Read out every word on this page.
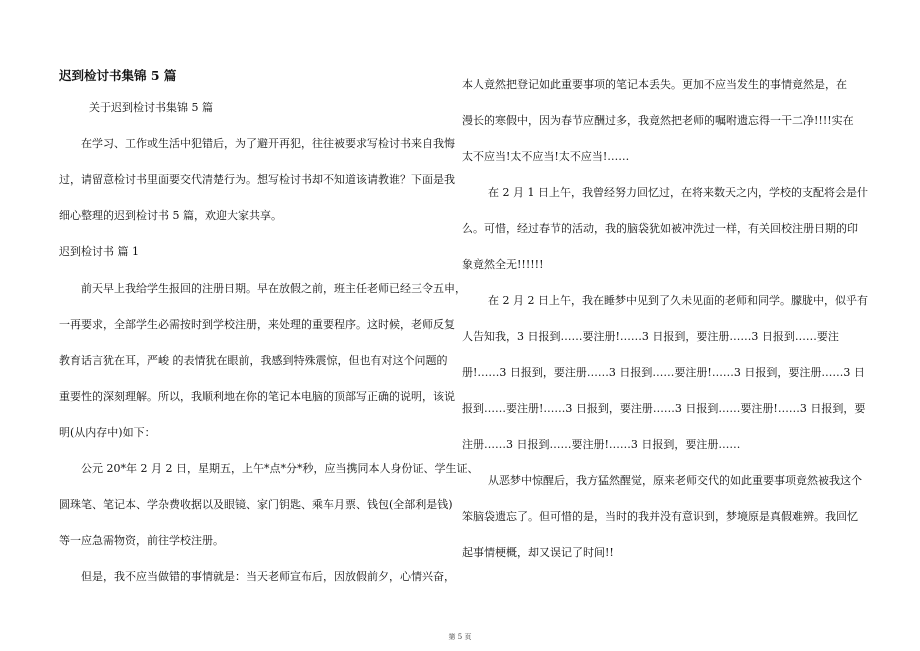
迟到检讨书集锦 5 篇
关于迟到检讨书集锦 5 篇
在学习、工作或生活中犯错后，为了避开再犯，往往被要求写检讨书来自我悔
过，请留意检讨书里面要交代清楚行为。想写检讨书却不知道该请教谁？下面是我
细心整理的迟到检讨书 5 篇，欢迎大家共享。
迟到检讨书 篇 1
前天早上我给学生报回的注册日期。早在放假之前，班主任老师已经三令五申，
一再要求，全部学生必需按时到学校注册，来处理的重要程序。这时候，老师反复
教育话言犹在耳，严峻 的表情犹在眼前，我感到特殊震惊，但也有对这个问题的
重要性的深刻理解。所以，我顺利地在你的笔记本电脑的顶部写正确的说明，该说
明(从内存中)如下：
公元 20*年 2 月 2 日，星期五，上午*点*分*秒，应当携同本人身份证、学生证、
圆珠笔、笔记本、学杂费收据以及眼镜、家门钥匙、乘车月票、钱包(全部利是钱)
等一应急需物资，前往学校注册。
但是，我不应当做错的事情就是：当天老师宣布后，因放假前夕，心情兴奋，
本人竟然把登记如此重要事项的笔记本丢失。更加不应当发生的事情竟然是，在
漫长的寒假中，因为春节应酬过多，我竟然把老师的嘱咐遗忘得一干二净!!!!实在
太不应当!太不应当!太不应当!……
在 2 月 1 日上午，我曾经努力回忆过，在将来数天之内，学校的支配将会是什
么。可惜，经过春节的活动，我的脑袋犹如被冲洗过一样，有关回校注册日期的印
象竟然全无!!!!!!
在 2 月 2 日上午，我在睡梦中见到了久未见面的老师和同学。朦胧中，似乎有
人告知我，3 日报到……要注册!……3 日报到，要注册……3 日报到……要注
册!……3 日报到，要注册……3 日报到……要注册!……3 日报到，要注册……3 日
报到……要注册!……3 日报到，要注册……3 日报到……要注册!……3 日报到，要
注册……3 日报到……要注册!……3 日报到，要注册……
从恶梦中惊醒后，我方猛然醒觉，原来老师交代的如此重要事项竟然被我这个
笨脑袋遗忘了。但可惜的是，当时的我并没有意识到，梦境原是真假难辨。我回忆
起事情梗概，却又误记了时间!!
第 5 页
